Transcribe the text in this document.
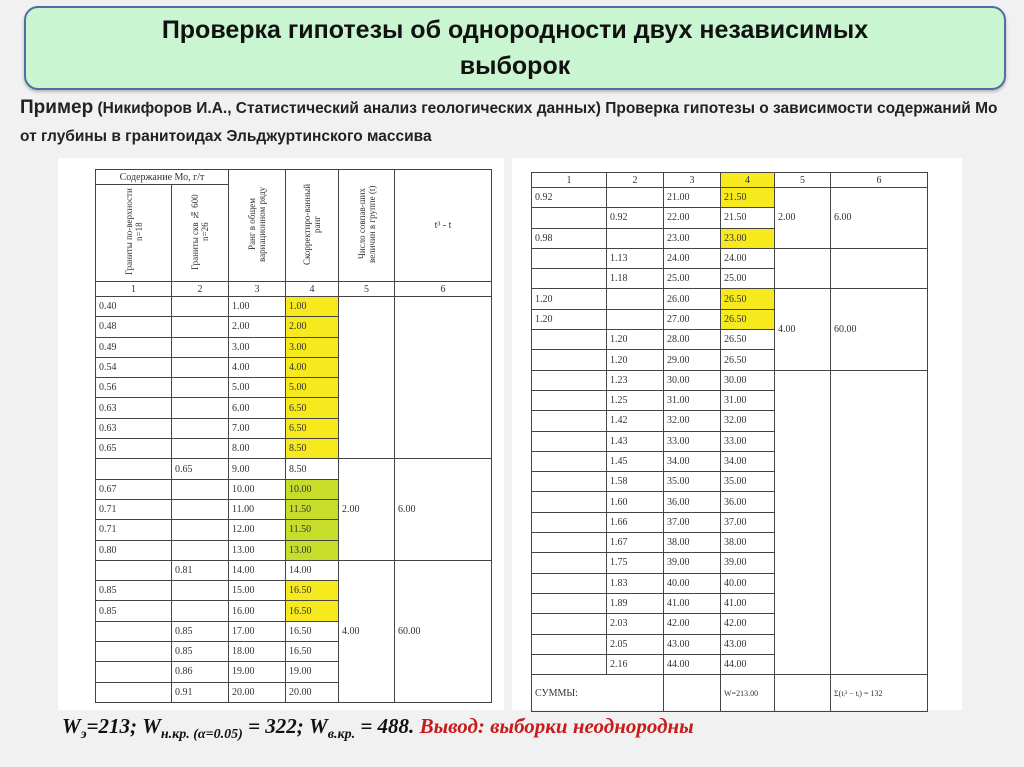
Проверка гипотезы об однородности двух независимых выборок
Пример (Никифоров И.А., Статистический анализ геологических данных) Проверка гипотезы о зависимости содержаний Мо от глубины в гранитоидах Эльджуртинского массива
Содержание Мо, г/т		Ранг в общем вариационном ряду	Скорректиро-ванный ранг	Число совпав-ших величин в группе (t)	t³ - t
Граниты по-верхности n=18	Граниты скв № 600 n=26				
1	2	3	4	5	6
0.40		1.00	1.00		
0.48		2.00	2.00		
0.49		3.00	3.00		
0.54		4.00	4.00		
0.56		5.00	5.00		
0.63		6.00	6.50		
0.63		7.00	6.50		
0.65		8.00	8.50		
	0.65	9.00	8.50	2.00	6.00
0.67		10.00	10.00		
0.71		11.00	11.50		
0.71		12.00	11.50		
0.80		13.00	13.00		
	0.81	14.00	14.00	4.00	60.00
0.85		15.00	16.50		
0.85		16.00	16.50		
	0.85	17.00	16.50		
	0.85	18.00	16.50		
	0.86	19.00	19.00		
	0.91	20.00	20.00		
1	2	3	4	5	6
0.92		21.00	21.50	2.00	6.00
	0.92	22.00	21.50		
0.98		23.00	23.00		
	1.13	24.00	24.00		
	1.18	25.00	25.00		
1.20		26.00	26.50	4.00	60.00
1.20		27.00	26.50		
	1.20	28.00	26.50		
	1.20	29.00	26.50		
	1.23	30.00	30.00		
	1.25	31.00	31.00		
	1.42	32.00	32.00		
	1.43	33.00	33.00		
	1.45	34.00	34.00		
	1.58	35.00	35.00		
	1.60	36.00	36.00		
	1.66	37.00	37.00		
	1.67	38.00	38.00		
	1.75	39.00	39.00		
	1.83	40.00	40.00		
	1.89	41.00	41.00		
	2.03	42.00	42.00		
	2.05	43.00	43.00		
	2.16	44.00	44.00		
СУММЫ:			W=213.00		Σ(tᵢ³ − tᵢ) = 132
$W_э=213$; $W_{н.кр. (\alpha=0.05)} = 322$; $W_{в.кр.} = 488$. Вывод: выборки неоднородны
